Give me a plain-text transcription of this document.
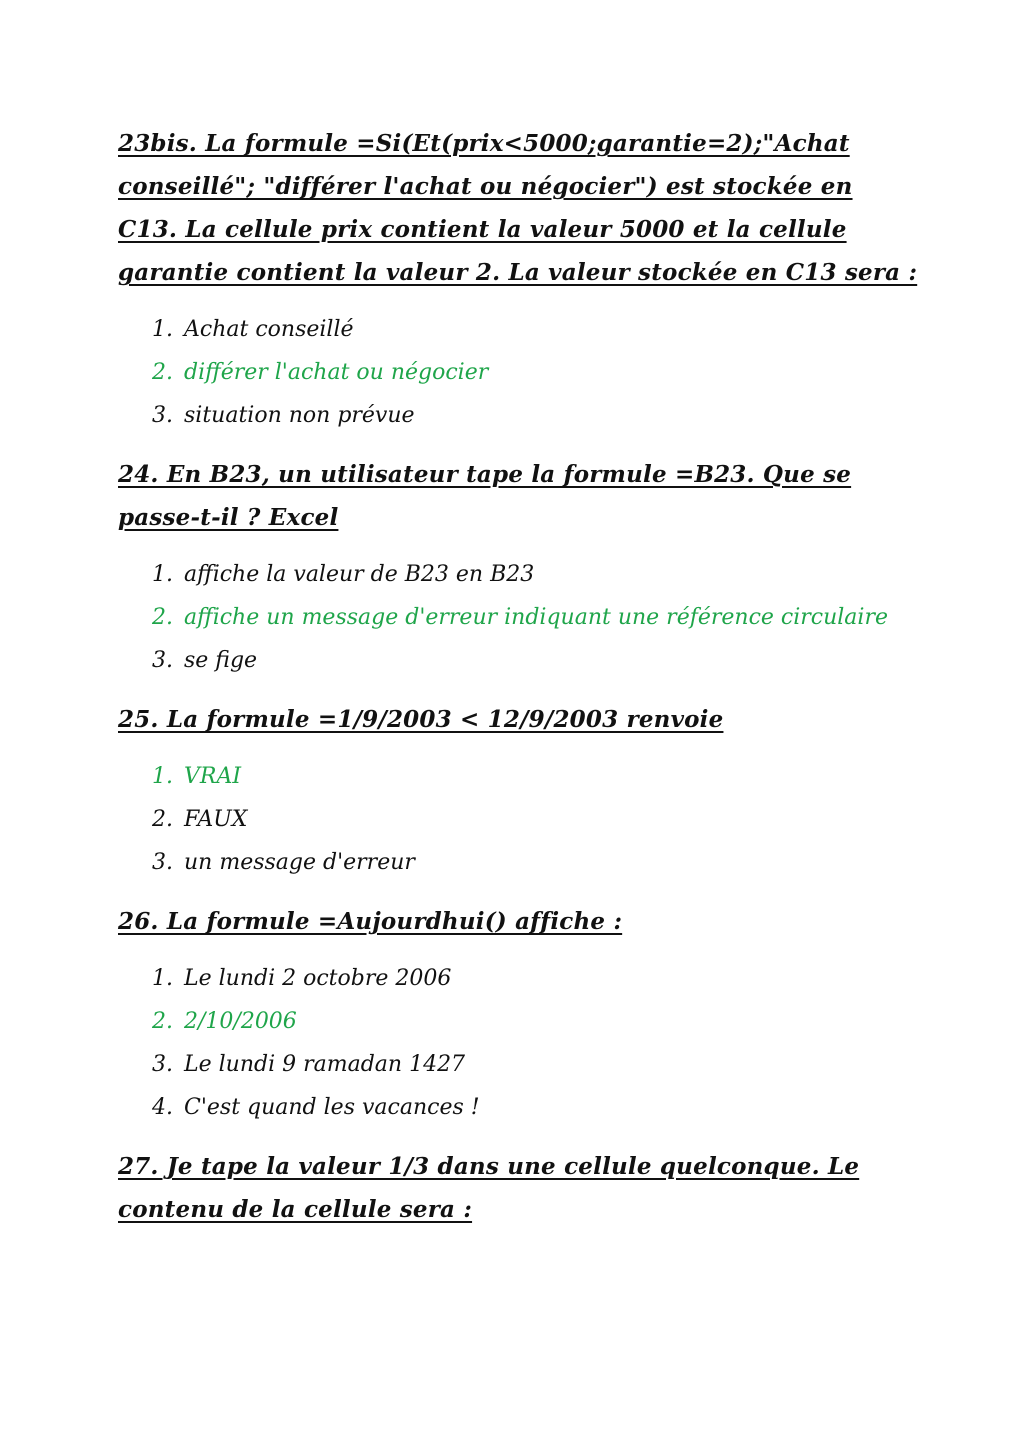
23bis. La formule =Si(Et(prix<5000;garantie=2);"Achat conseillé"; "différer l'achat ou négocier") est stockée en C13. La cellule prix contient la valeur 5000 et la cellule garantie contient la valeur 2. La valeur stockée en C13 sera :

1. Achat conseillé
2. différer l'achat ou négocier
3. situation non prévue

24. En B23, un utilisateur tape la formule =B23. Que se passe-t-il ? Excel

1. affiche la valeur de B23 en B23
2. affiche un message d'erreur indiquant une référence circulaire
3. se fige

25. La formule =1/9/2003 < 12/9/2003 renvoie

1. VRAI
2. FAUX
3. un message d'erreur

26. La formule =Aujourdhui() affiche :

1. Le lundi 2 octobre 2006
2. 2/10/2006
3. Le lundi 9 ramadan 1427
4. C'est quand les vacances !

27. Je tape la valeur 1/3 dans une cellule quelconque. Le contenu de la cellule sera :
